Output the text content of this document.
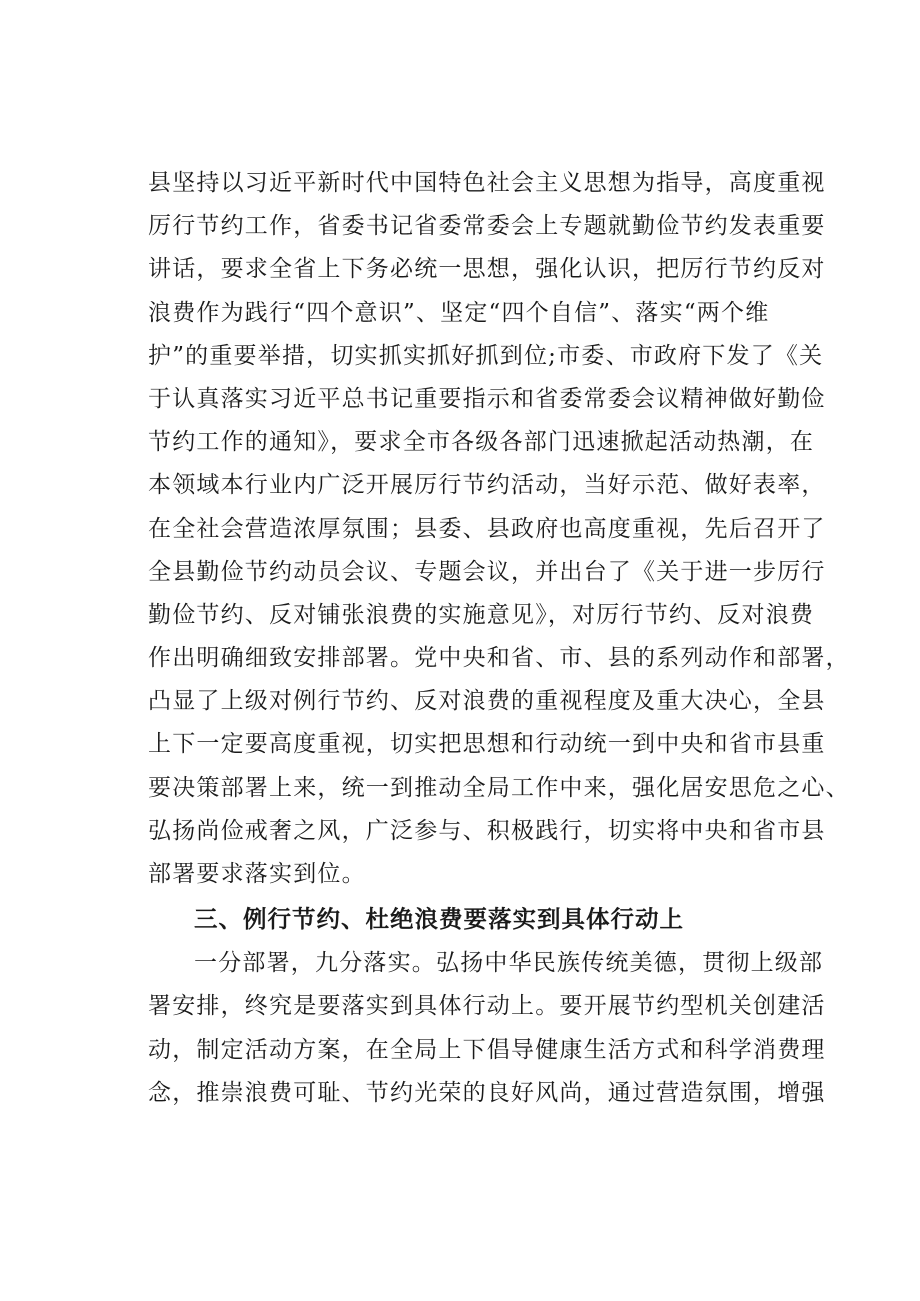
县坚持以习近平新时代中国特色社会主义思想为指导，高度重视
厉行节约工作，省委书记省委常委会上专题就勤俭节约发表重要
讲话，要求全省上下务必统一思想，强化认识，把厉行节约反对
浪费作为践行“四个意识”、坚定“四个自信”、落实“两个维
护”的重要举措，切实抓实抓好抓到位;市委、市政府下发了《关
于认真落实习近平总书记重要指示和省委常委会议精神做好勤俭
节约工作的通知》，要求全市各级各部门迅速掀起活动热潮，在
本领域本行业内广泛开展厉行节约活动，当好示范、做好表率，
在全社会营造浓厚氛围；县委、县政府也高度重视，先后召开了
全县勤俭节约动员会议、专题会议，并出台了《关于进一步厉行
勤俭节约、反对铺张浪费的实施意见》，对厉行节约、反对浪费
作出明确细致安排部署。党中央和省、市、县的系列动作和部署，
凸显了上级对例行节约、反对浪费的重视程度及重大决心，全县
上下一定要高度重视，切实把思想和行动统一到中央和省市县重
要决策部署上来，统一到推动全局工作中来，强化居安思危之心、
弘扬尚俭戒奢之风，广泛参与、积极践行，切实将中央和省市县
部署要求落实到位。
三、例行节约、杜绝浪费要落实到具体行动上
一分部署，九分落实。弘扬中华民族传统美德，贯彻上级部
署安排，终究是要落实到具体行动上。要开展节约型机关创建活
动，制定活动方案，在全局上下倡导健康生活方式和科学消费理
念，推崇浪费可耻、节约光荣的良好风尚，通过营造氛围，增强
